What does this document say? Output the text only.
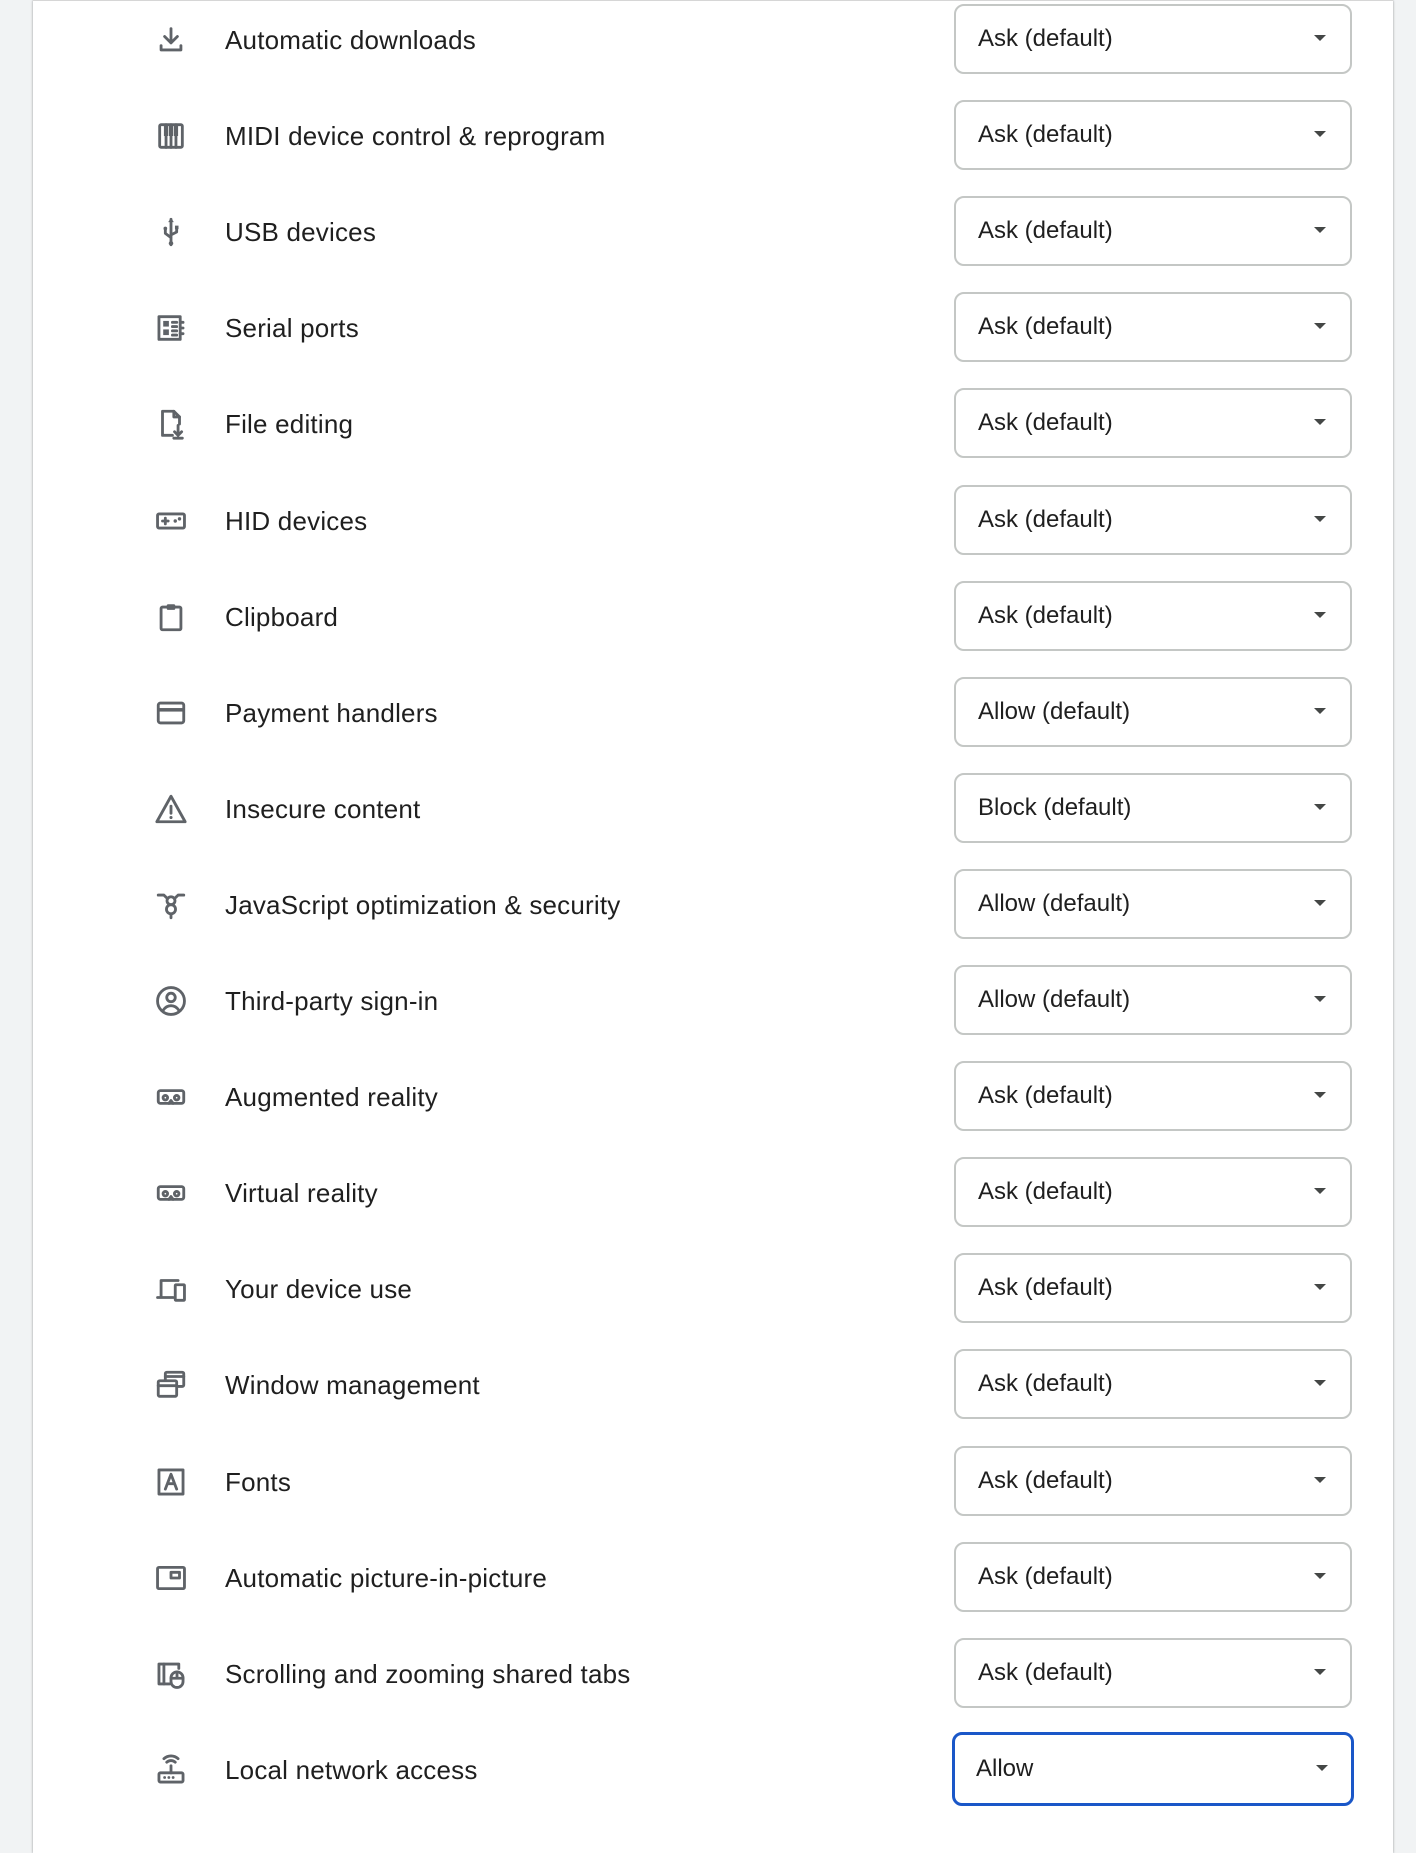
Automatic downloads	Ask (default)
MIDI device control & reprogram	Ask (default)
USB devices	Ask (default)
Serial ports	Ask (default)
File editing	Ask (default)
HID devices	Ask (default)
Clipboard	Ask (default)
Payment handlers	Allow (default)
Insecure content	Block (default)
JavaScript optimization & security	Allow (default)
Third-party sign-in	Allow (default)
Augmented reality	Ask (default)
Virtual reality	Ask (default)
Your device use	Ask (default)
Window management	Ask (default)
Fonts	Ask (default)
Automatic picture-in-picture	Ask (default)
Scrolling and zooming shared tabs	Ask (default)
Local network access	Allow
